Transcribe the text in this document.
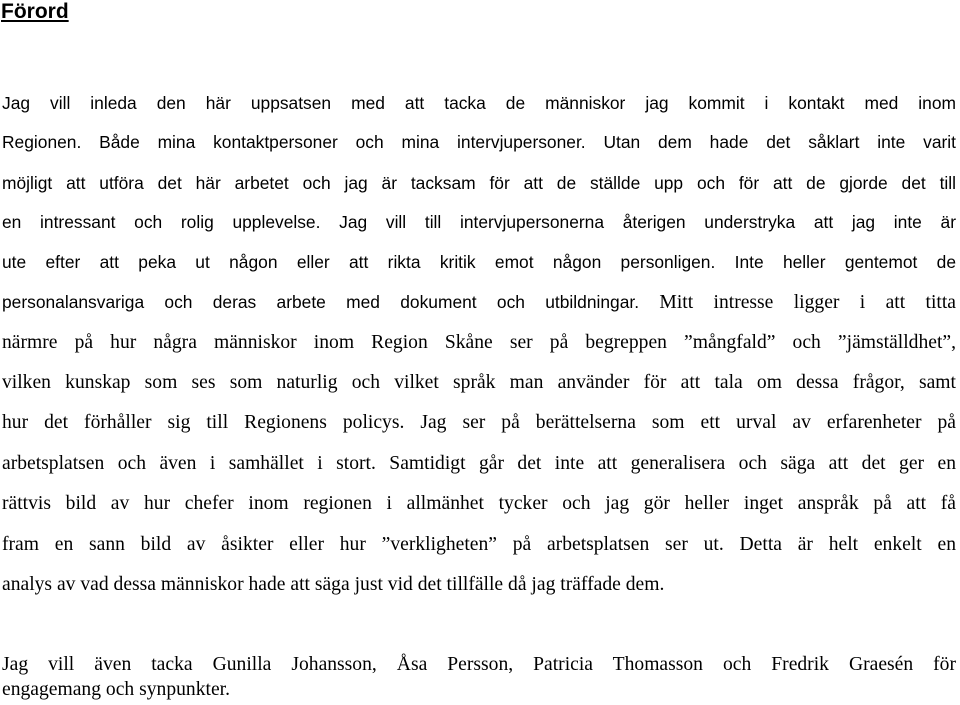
Förord
Jag vill inleda den här uppsatsen med att tacka de människor jag kommit i kontakt med inom
Regionen. Både mina kontaktpersoner och mina intervjupersoner. Utan dem hade det såklart inte varit
möjligt att utföra det här arbetet och jag är tacksam för att de ställde upp och för att de gjorde det till
en intressant och rolig upplevelse. Jag vill till intervjupersonerna återigen understryka att jag inte är
ute efter att peka ut någon eller att rikta kritik emot någon personligen. Inte heller gentemot de
personalansvariga och deras arbete med dokument och utbildningar. Mitt intresse ligger i att titta
närmre på hur några människor inom Region Skåne ser på begreppen ”mångfald” och ”jämställdhet”,
vilken kunskap som ses som naturlig och vilket språk man använder för att tala om dessa frågor, samt
hur det förhåller sig till Regionens policys. Jag ser på berättelserna som ett urval av erfarenheter på
arbetsplatsen och även i samhället i stort. Samtidigt går det inte att generalisera och säga att det ger en
rättvis bild av hur chefer inom regionen i allmänhet tycker och jag gör heller inget anspråk på att få
fram en sann bild av åsikter eller hur ”verkligheten” på arbetsplatsen ser ut. Detta är helt enkelt en
analys av vad dessa människor hade att säga just vid det tillfälle då jag träffade dem.
Jag vill även tacka Gunilla Johansson, Åsa Persson, Patricia Thomasson och Fredrik Graesén för
engagemang och synpunkter.
